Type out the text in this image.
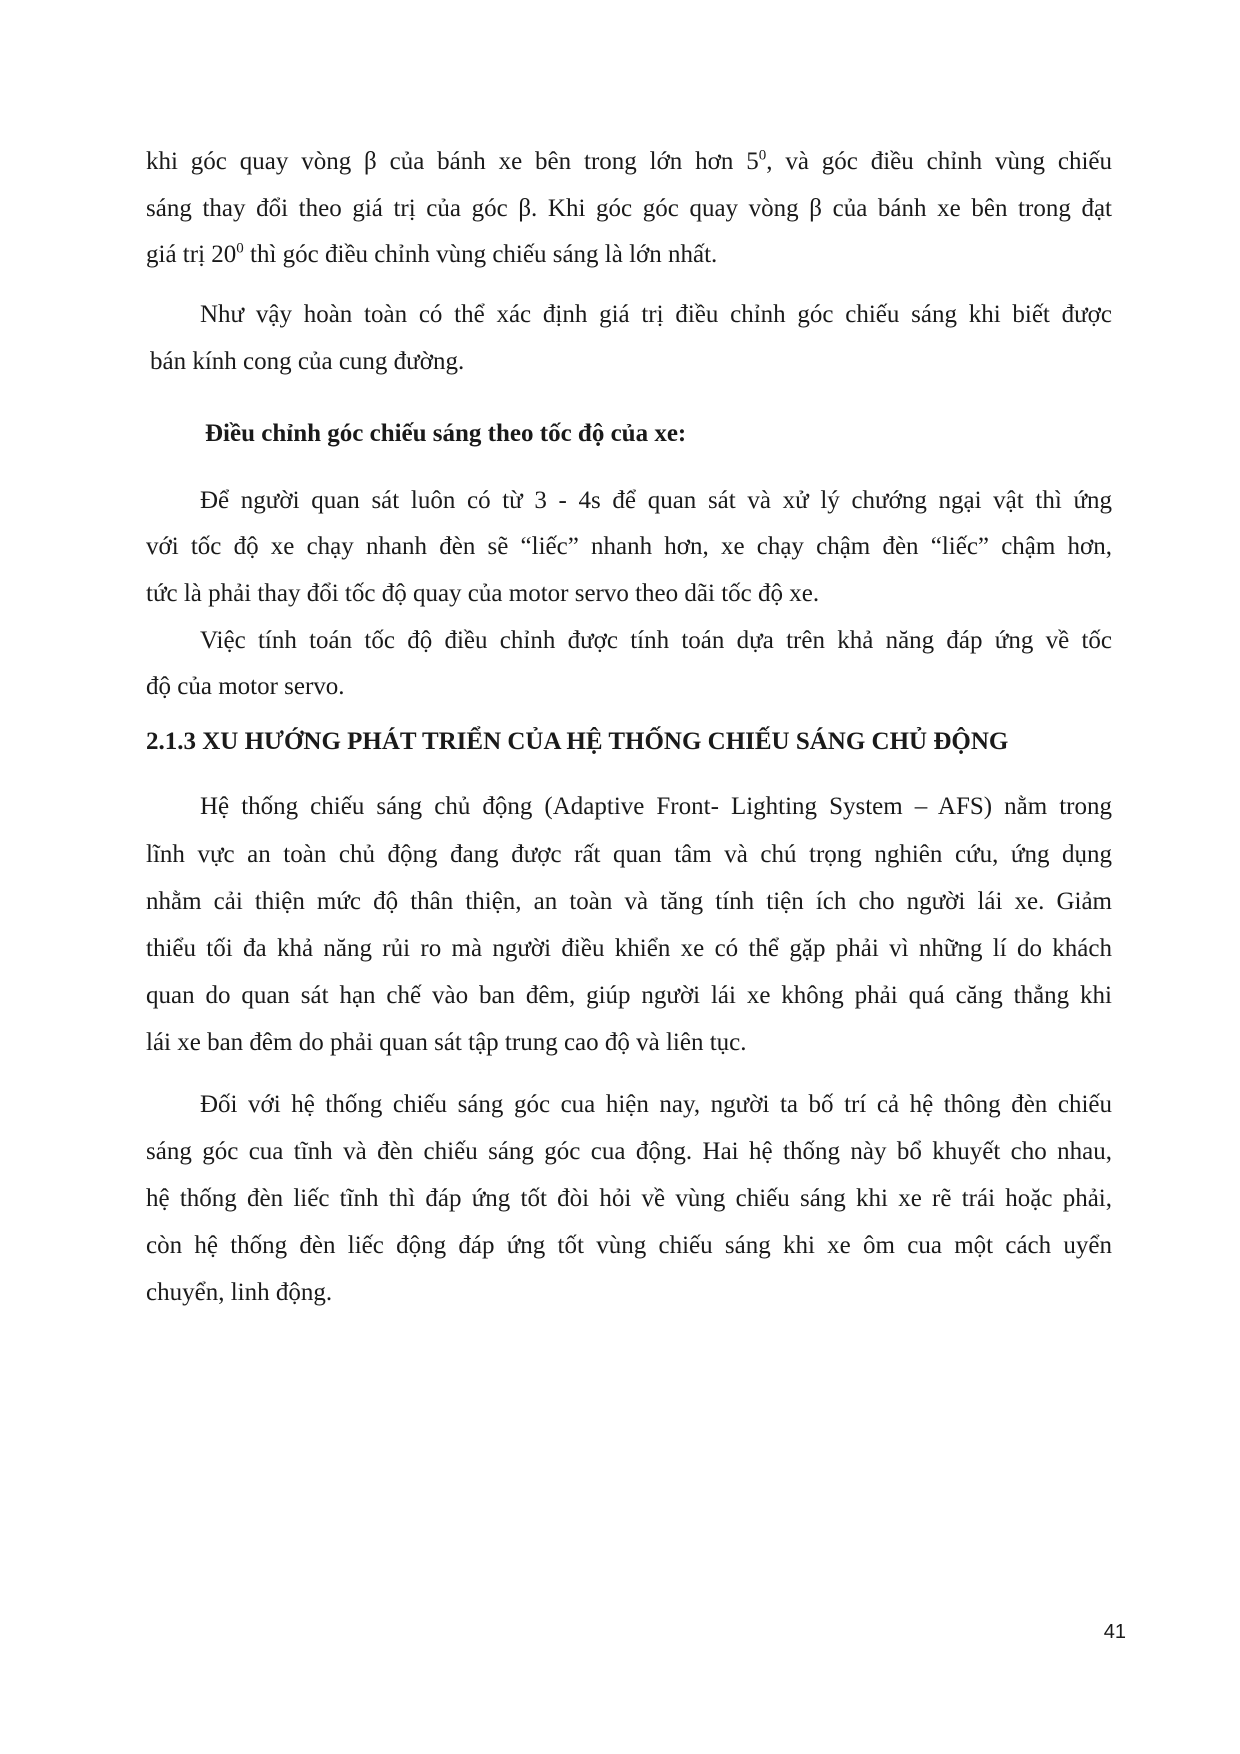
khi góc quay vòng β của bánh xe bên trong lớn hơn $5^0$, và góc điều chỉnh vùng chiếu
sáng thay đổi theo giá trị của góc β. Khi góc góc quay vòng β của bánh xe bên trong đạt
giá trị $20^0$ thì góc điều chỉnh vùng chiếu sáng là lớn nhất.
Như vậy hoàn toàn có thể xác định giá trị điều chỉnh góc chiếu sáng khi biết được
bán kính cong của cung đường.
Điều chỉnh góc chiếu sáng theo tốc độ của xe:
Để người quan sát luôn có từ 3 - 4s để quan sát và xử lý chướng ngại vật thì ứng
với tốc độ xe chạy nhanh đèn sẽ “liếc” nhanh hơn, xe chạy chậm đèn “liếc” chậm hơn,
tức là phải thay đổi tốc độ quay của motor servo theo dãi tốc độ xe.
Việc tính toán tốc độ điều chỉnh được tính toán dựa trên khả năng đáp ứng về tốc
độ của motor servo.
2.1.3 XU HƯỚNG PHÁT TRIỂN CỦA HỆ THỐNG CHIẾU SÁNG CHỦ ĐỘNG
Hệ thống chiếu sáng chủ động (Adaptive Front- Lighting System – AFS) nằm trong
lĩnh vực an toàn chủ động đang được rất quan tâm và chú trọng nghiên cứu, ứng dụng
nhằm cải thiện mức độ thân thiện, an toàn và tăng tính tiện ích cho người lái xe. Giảm
thiểu tối đa khả năng rủi ro mà người điều khiển xe có thể gặp phải vì những lí do khách
quan do quan sát hạn chế vào ban đêm, giúp người lái xe không phải quá căng thẳng khi
lái xe ban đêm do phải quan sát tập trung cao độ và liên tục.
Đối với hệ thống chiếu sáng góc cua hiện nay, người ta bố trí cả hệ thông đèn chiếu
sáng góc cua tĩnh và đèn chiếu sáng góc cua động. Hai hệ thống này bổ khuyết cho nhau,
hệ thống đèn liếc tĩnh thì đáp ứng tốt đòi hỏi về vùng chiếu sáng khi xe rẽ trái hoặc phải,
còn hệ thống đèn liếc động đáp ứng tốt vùng chiếu sáng khi xe ôm cua một cách uyển
chuyển, linh động.
41
